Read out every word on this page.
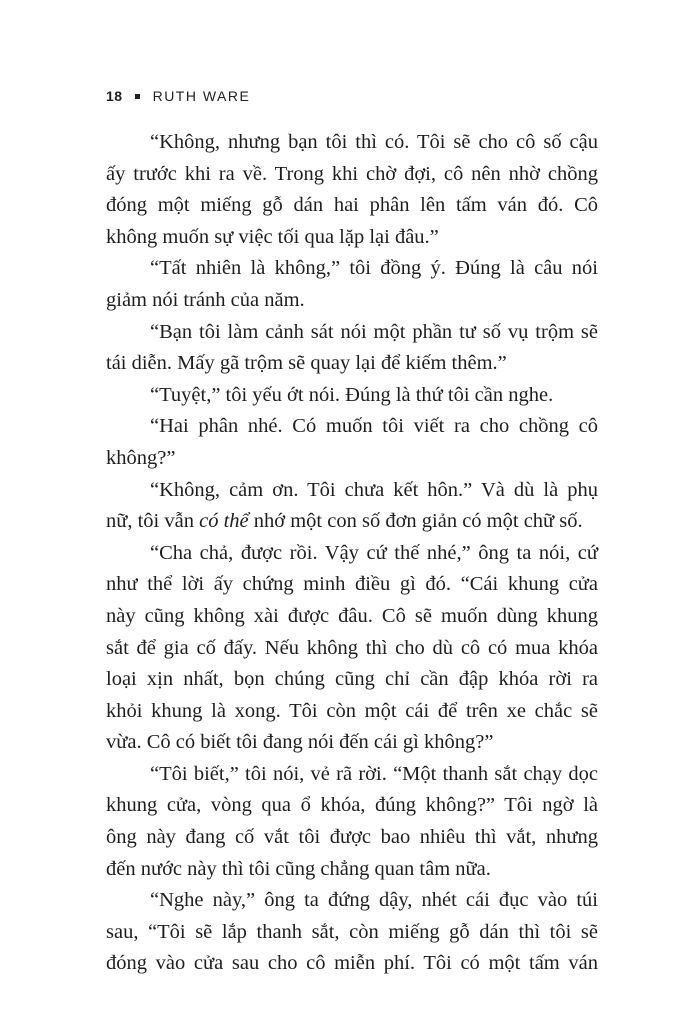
18 RUTH WARE
“Không, nhưng bạn tôi thì có. Tôi sẽ cho cô số cậu
ấy trước khi ra về. Trong khi chờ đợi, cô nên nhờ chồng
đóng một miếng gỗ dán hai phân lên tấm ván đó. Cô
không muốn sự việc tối qua lặp lại đâu.”
“Tất nhiên là không,” tôi đồng ý. Đúng là câu nói
giảm nói tránh của năm.
“Bạn tôi làm cảnh sát nói một phần tư số vụ trộm sẽ
tái diễn. Mấy gã trộm sẽ quay lại để kiếm thêm.”
“Tuyệt,” tôi yếu ớt nói. Đúng là thứ tôi cần nghe.
“Hai phân nhé. Có muốn tôi viết ra cho chồng cô
không?”
“Không, cảm ơn. Tôi chưa kết hôn.” Và dù là phụ
nữ, tôi vẫn có thể nhớ một con số đơn giản có một chữ số.
“Cha chả, được rồi. Vậy cứ thế nhé,” ông ta nói, cứ
như thể lời ấy chứng minh điều gì đó. “Cái khung cửa
này cũng không xài được đâu. Cô sẽ muốn dùng khung
sắt để gia cố đấy. Nếu không thì cho dù cô có mua khóa
loại xịn nhất, bọn chúng cũng chỉ cần đập khóa rời ra
khỏi khung là xong. Tôi còn một cái để trên xe chắc sẽ
vừa. Cô có biết tôi đang nói đến cái gì không?”
“Tôi biết,” tôi nói, vẻ rã rời. “Một thanh sắt chạy dọc
khung cửa, vòng qua ổ khóa, đúng không?” Tôi ngờ là
ông này đang cố vắt tôi được bao nhiêu thì vắt, nhưng
đến nước này thì tôi cũng chẳng quan tâm nữa.
“Nghe này,” ông ta đứng dậy, nhét cái đục vào túi
sau, “Tôi sẽ lắp thanh sắt, còn miếng gỗ dán thì tôi sẽ
đóng vào cửa sau cho cô miễn phí. Tôi có một tấm ván
